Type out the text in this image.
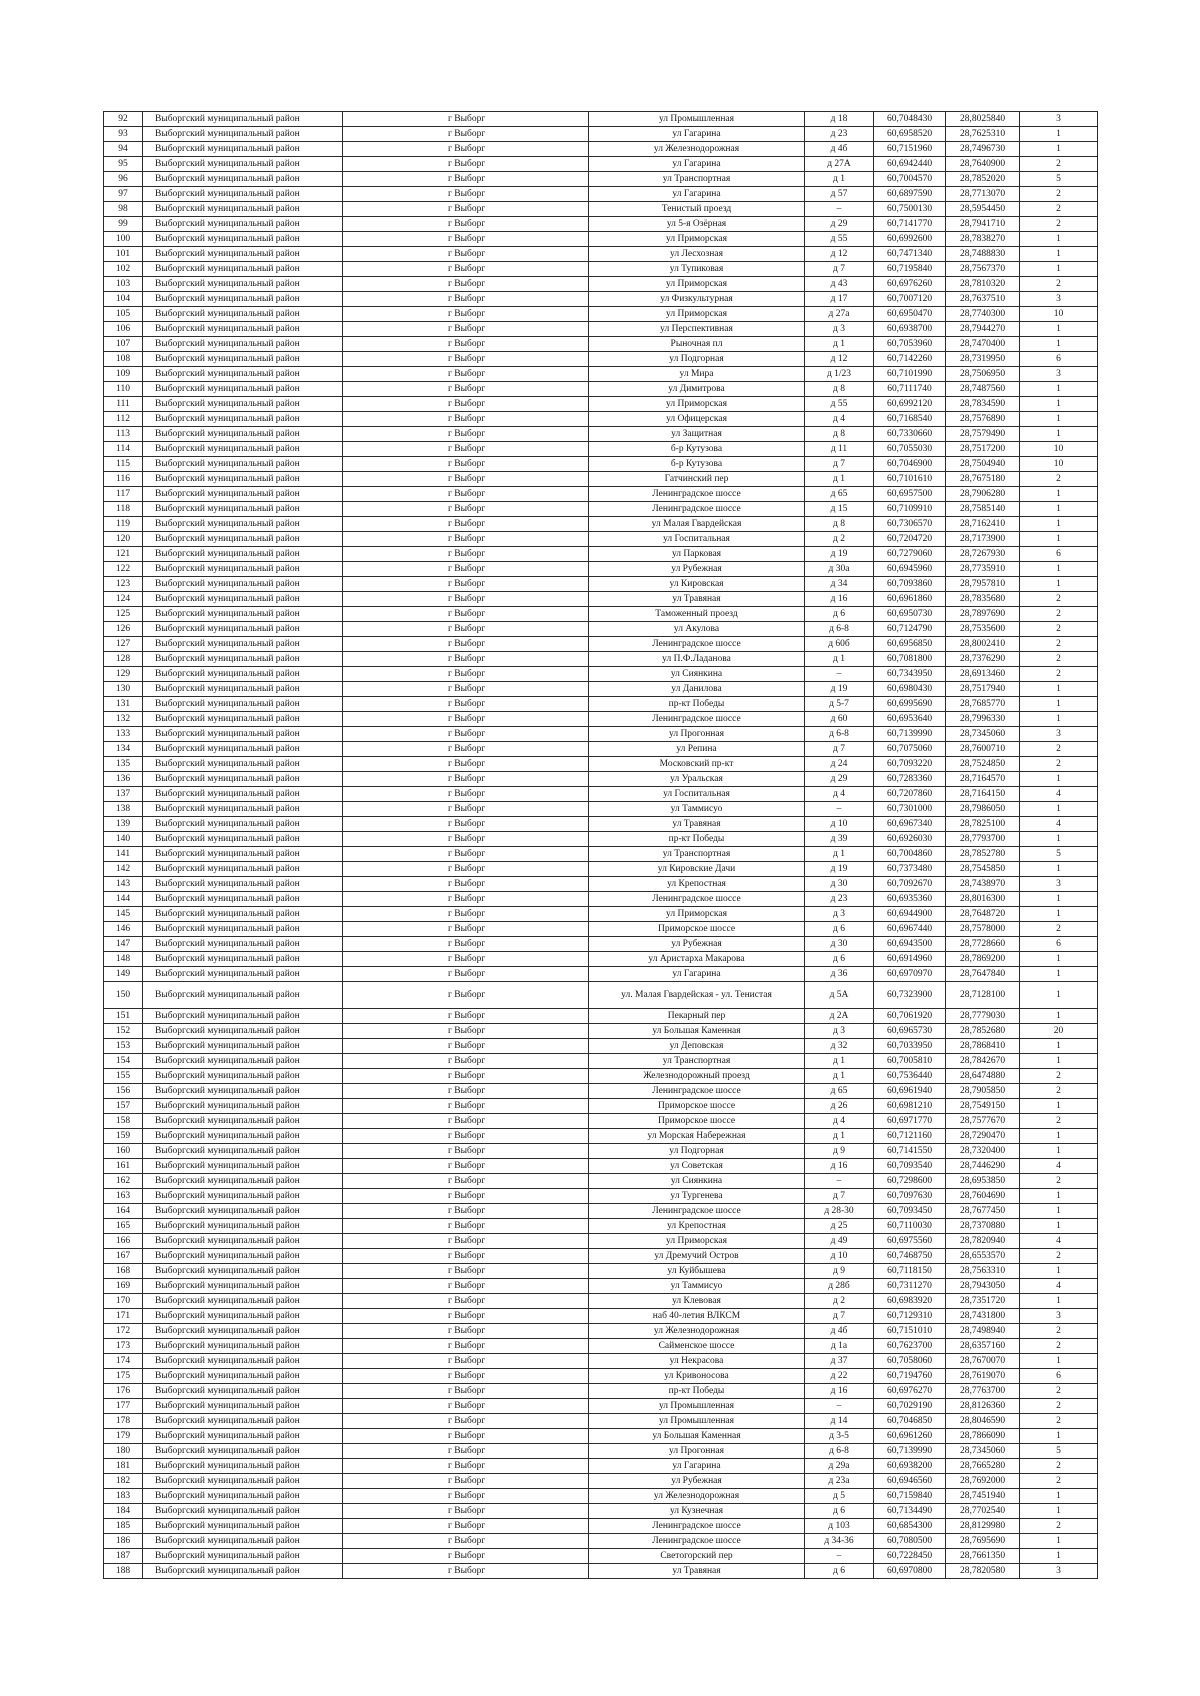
92	Выборгский муниципальный район	г Выборг	ул Промышленная	д 18	60,7048430	28,8025840	3
93	Выборгский муниципальный район	г Выборг	ул Гагарина	д 23	60,6958520	28,7625310	1
94	Выборгский муниципальный район	г Выборг	ул Железнодорожная	д 4б	60,7151960	28,7496730	1
95	Выборгский муниципальный район	г Выборг	ул Гагарина	д 27А	60,6942440	28,7640900	2
96	Выборгский муниципальный район	г Выборг	ул Транспортная	д 1	60,7004570	28,7852020	5
97	Выборгский муниципальный район	г Выборг	ул Гагарина	д 57	60,6897590	28,7713070	2
98	Выборгский муниципальный район	г Выборг	Тенистый проезд	–	60,7500130	28,5954450	2
99	Выборгский муниципальный район	г Выборг	ул 5-я Озёрная	д 29	60,7141770	28,7941710	2
100	Выборгский муниципальный район	г Выборг	ул Приморская	д 55	60,6992600	28,7838270	1
101	Выборгский муниципальный район	г Выборг	ул Лесхозная	д 12	60,7471340	28,7488830	1
102	Выборгский муниципальный район	г Выборг	ул Тупиковая	д 7	60,7195840	28,7567370	1
103	Выборгский муниципальный район	г Выборг	ул Приморская	д 43	60,6976260	28,7810320	2
104	Выборгский муниципальный район	г Выборг	ул Физкультурная	д 17	60,7007120	28,7637510	3
105	Выборгский муниципальный район	г Выборг	ул Приморская	д 27а	60,6950470	28,7740300	10
106	Выборгский муниципальный район	г Выборг	ул Перспективная	д 3	60,6938700	28,7944270	1
107	Выборгский муниципальный район	г Выборг	Рыночная пл	д 1	60,7053960	28,7470400	1
108	Выборгский муниципальный район	г Выборг	ул Подгорная	д 12	60,7142260	28,7319950	6
109	Выборгский муниципальный район	г Выборг	ул Мира	д 1/23	60,7101990	28,7506950	3
110	Выборгский муниципальный район	г Выборг	ул Димитрова	д 8	60,7111740	28,7487560	1
111	Выборгский муниципальный район	г Выборг	ул Приморская	д 55	60,6992120	28,7834590	1
112	Выборгский муниципальный район	г Выборг	ул Офицерская	д 4	60,7168540	28,7576890	1
113	Выборгский муниципальный район	г Выборг	ул Защитная	д 8	60,7330660	28,7579490	1
114	Выборгский муниципальный район	г Выборг	б-р Кутузова	д 11	60,7055030	28,7517200	10
115	Выборгский муниципальный район	г Выборг	б-р Кутузова	д 7	60,7046900	28,7504940	10
116	Выборгский муниципальный район	г Выборг	Гатчинский пер	д 1	60,7101610	28,7675180	2
117	Выборгский муниципальный район	г Выборг	Ленинградское шоссе	д 65	60,6957500	28,7906280	1
118	Выборгский муниципальный район	г Выборг	Ленинградское шоссе	д 15	60,7109910	28,7585140	1
119	Выборгский муниципальный район	г Выборг	ул Малая Гвардейская	д 8	60,7306570	28,7162410	1
120	Выборгский муниципальный район	г Выборг	ул Госпитальная	д 2	60,7204720	28,7173900	1
121	Выборгский муниципальный район	г Выборг	ул Парковая	д 19	60,7279060	28,7267930	6
122	Выборгский муниципальный район	г Выборг	ул Рубежная	д 30а	60,6945960	28,7735910	1
123	Выборгский муниципальный район	г Выборг	ул Кировская	д 34	60,7093860	28,7957810	1
124	Выборгский муниципальный район	г Выборг	ул Травяная	д 16	60,6961860	28,7835680	2
125	Выборгский муниципальный район	г Выборг	Таможенный проезд	д 6	60,6950730	28,7897690	2
126	Выборгский муниципальный район	г Выборг	ул Акулова	д 6-8	60,7124790	28,7535600	2
127	Выборгский муниципальный район	г Выборг	Ленинградское шоссе	д 60б	60,6956850	28,8002410	2
128	Выборгский муниципальный район	г Выборг	ул П.Ф.Ладанова	д 1	60,7081800	28,7376290	2
129	Выборгский муниципальный район	г Выборг	ул Сиянкина	–	60,7343950	28,6913460	2
130	Выборгский муниципальный район	г Выборг	ул Данилова	д 19	60,6980430	28,7517940	1
131	Выборгский муниципальный район	г Выборг	пр-кт Победы	д 5-7	60,6995690	28,7685770	1
132	Выборгский муниципальный район	г Выборг	Ленинградское шоссе	д 60	60,6953640	28,7996330	1
133	Выборгский муниципальный район	г Выборг	ул Прогонная	д 6-8	60,7139990	28,7345060	3
134	Выборгский муниципальный район	г Выборг	ул Репина	д 7	60,7075060	28,7600710	2
135	Выборгский муниципальный район	г Выборг	Московский пр-кт	д 24	60,7093220	28,7524850	2
136	Выборгский муниципальный район	г Выборг	ул Уральская	д 29	60,7283360	28,7164570	1
137	Выборгский муниципальный район	г Выборг	ул Госпитальная	д 4	60,7207860	28,7164150	4
138	Выборгский муниципальный район	г Выборг	ул Таммисуо	–	60,7301000	28,7986050	1
139	Выборгский муниципальный район	г Выборг	ул Травяная	д 10	60,6967340	28,7825100	4
140	Выборгский муниципальный район	г Выборг	пр-кт Победы	д 39	60,6926030	28,7793700	1
141	Выборгский муниципальный район	г Выборг	ул Транспортная	д 1	60,7004860	28,7852780	5
142	Выборгский муниципальный район	г Выборг	ул Кировские Дачи	д 19	60,7373480	28,7545850	1
143	Выборгский муниципальный район	г Выборг	ул Крепостная	д 30	60,7092670	28,7438970	3
144	Выборгский муниципальный район	г Выборг	Ленинградское шоссе	д 23	60,6935360	28,8016300	1
145	Выборгский муниципальный район	г Выборг	ул Приморская	д 3	60,6944900	28,7648720	1
146	Выборгский муниципальный район	г Выборг	Приморское шоссе	д 6	60,6967440	28,7578000	2
147	Выборгский муниципальный район	г Выборг	ул Рубежная	д 30	60,6943500	28,7728660	6
148	Выборгский муниципальный район	г Выборг	ул Аристарха Макарова	д 6	60,6914960	28,7869200	1
149	Выборгский муниципальный район	г Выборг	ул Гагарина	д 36	60,6970970	28,7647840	1
150	Выборгский муниципальный район	г Выборг	ул. Малая Гвардейская - ул. Тенистая	д 5А	60,7323900	28,7128100	1
151	Выборгский муниципальный район	г Выборг	Пекарный пер	д 2А	60,7061920	28,7779030	1
152	Выборгский муниципальный район	г Выборг	ул Большая Каменная	д 3	60,6965730	28,7852680	20
153	Выборгский муниципальный район	г Выборг	ул Деповская	д 32	60,7033950	28,7868410	1
154	Выборгский муниципальный район	г Выборг	ул Транспортная	д 1	60,7005810	28,7842670	1
155	Выборгский муниципальный район	г Выборг	Железнодорожный проезд	д 1	60,7536440	28,6474880	2
156	Выборгский муниципальный район	г Выборг	Ленинградское шоссе	д 65	60,6961940	28,7905850	2
157	Выборгский муниципальный район	г Выборг	Приморское шоссе	д 26	60,6981210	28,7549150	1
158	Выборгский муниципальный район	г Выборг	Приморское шоссе	д 4	60,6971770	28,7577670	2
159	Выборгский муниципальный район	г Выборг	ул Морская Набережная	д 1	60,7121160	28,7290470	1
160	Выборгский муниципальный район	г Выборг	ул Подгорная	д 9	60,7141550	28,7320400	1
161	Выборгский муниципальный район	г Выборг	ул Советская	д 16	60,7093540	28,7446290	4
162	Выборгский муниципальный район	г Выборг	ул Сиянкина	–	60,7298600	28,6953850	2
163	Выборгский муниципальный район	г Выборг	ул Тургенева	д 7	60,7097630	28,7604690	1
164	Выборгский муниципальный район	г Выборг	Ленинградское шоссе	д 28-30	60,7093450	28,7677450	1
165	Выборгский муниципальный район	г Выборг	ул Крепостная	д 25	60,7110030	28,7370880	1
166	Выборгский муниципальный район	г Выборг	ул Приморская	д 49	60,6975560	28,7820940	4
167	Выборгский муниципальный район	г Выборг	ул Дремучий Остров	д 10	60,7468750	28,6553570	2
168	Выборгский муниципальный район	г Выборг	ул Куйбышева	д 9	60,7118150	28,7563310	1
169	Выборгский муниципальный район	г Выборг	ул Таммисуо	д 28б	60,7311270	28,7943050	4
170	Выборгский муниципальный район	г Выборг	ул Клевовая	д 2	60,6983920	28,7351720	1
171	Выборгский муниципальный район	г Выборг	наб 40-летия ВЛКСМ	д 7	60,7129310	28,7431800	3
172	Выборгский муниципальный район	г Выборг	ул Железнодорожная	д 4б	60,7151010	28,7498940	2
173	Выборгский муниципальный район	г Выборг	Сайменское шоссе	д 1а	60,7623700	28,6357160	2
174	Выборгский муниципальный район	г Выборг	ул Некрасова	д 37	60,7058060	28,7670070	1
175	Выборгский муниципальный район	г Выборг	ул Кривоносова	д 22	60,7194760	28,7619070	6
176	Выборгский муниципальный район	г Выборг	пр-кт Победы	д 16	60,6976270	28,7763700	2
177	Выборгский муниципальный район	г Выборг	ул Промышленная	–	60,7029190	28,8126360	2
178	Выборгский муниципальный район	г Выборг	ул Промышленная	д 14	60,7046850	28,8046590	2
179	Выборгский муниципальный район	г Выборг	ул Большая Каменная	д 3-5	60,6961260	28,7866090	1
180	Выборгский муниципальный район	г Выборг	ул Прогонная	д 6-8	60,7139990	28,7345060	5
181	Выборгский муниципальный район	г Выборг	ул Гагарина	д 29а	60,6938200	28,7665280	2
182	Выборгский муниципальный район	г Выборг	ул Рубежная	д 23а	60,6946560	28,7692000	2
183	Выборгский муниципальный район	г Выборг	ул Железнодорожная	д 5	60,7159840	28,7451940	1
184	Выборгский муниципальный район	г Выборг	ул Кузнечная	д 6	60,7134490	28,7702540	1
185	Выборгский муниципальный район	г Выборг	Ленинградское шоссе	д 103	60,6854300	28,8129980	2
186	Выборгский муниципальный район	г Выборг	Ленинградское шоссе	д 34-36	60,7080500	28,7695690	1
187	Выборгский муниципальный район	г Выборг	Светогорский пер	–	60,7228450	28,7661350	1
188	Выборгский муниципальный район	г Выборг	ул Травяная	д 6	60,6970800	28,7820580	3
